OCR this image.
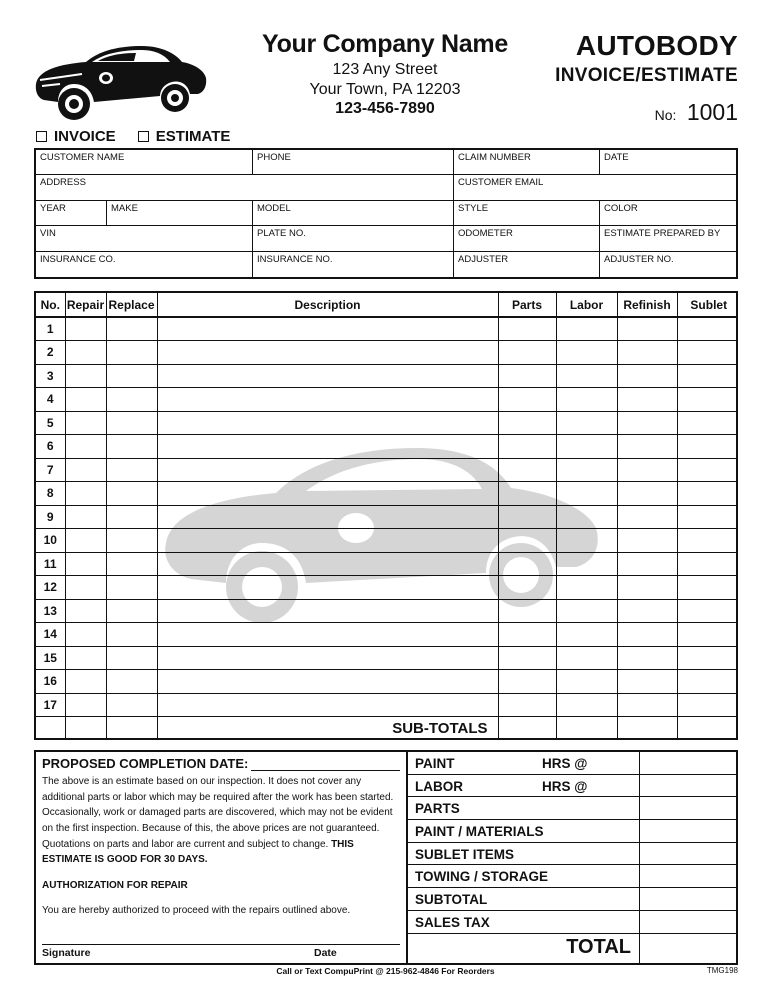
Your Company Name
123 Any Street
Your Town, PA 12203
123-456-7890
AUTOBODY
INVOICE/ESTIMATE
No: 1001
INVOICE	ESTIMATE
CUSTOMER NAME	PHONE	CLAIM NUMBER	DATE
ADDRESS	CUSTOMER EMAIL
YEAR	MAKE	MODEL	STYLE	COLOR
VIN	PLATE NO.	ODOMETER	ESTIMATE PREPARED BY
INSURANCE CO.	INSURANCE NO.	ADJUSTER	ADJUSTER NO.
No.	Repair	Replace	Description	Parts	Labor	Refinish	Sublet
1							
2							
3							
4							
5							
6							
7							
8							
9							
10							
11							
12							
13							
14							
15							
16							
17							
			SUB-TOTALS				
PROPOSED COMPLETION DATE:
The above is an estimate based on our inspection. It does not cover any additional parts or labor which may be required after the work has been started. Occasionally, work or damaged parts are discovered, which may not be evident on the first inspection. Because of this, the above prices are not guaranteed. Quotations on parts and labor are current and subject to change. THIS ESTIMATE IS GOOD FOR 30 DAYS.
AUTHORIZATION FOR REPAIR
You are hereby authorized to proceed with the repairs outlined above.
Signature	Date
PAINT	HRS @
LABOR	HRS @
PARTS
PAINT / MATERIALS
SUBLET ITEMS
TOWING / STORAGE
SUBTOTAL
SALES TAX
TOTAL
Call or Text CompuPrint @ 215-962-4846 For Reorders	TMG198
